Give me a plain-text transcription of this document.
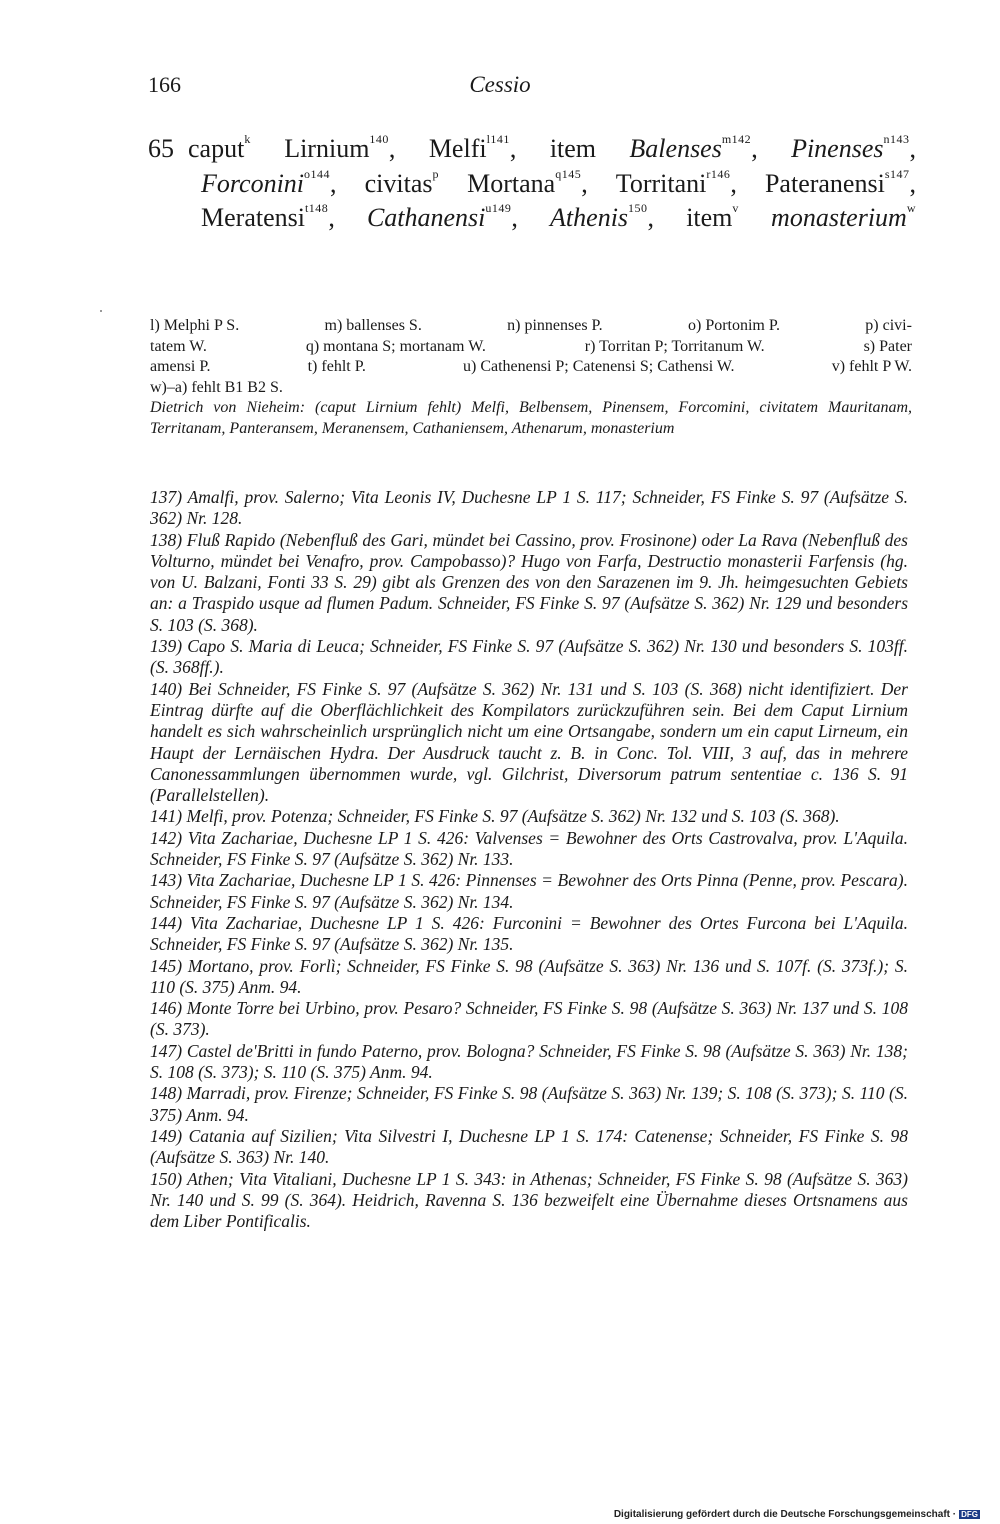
166	Cessio
65 caput$^k$ Lirnium$^{140}$, Melfi$^{l141}$, item Balenses$^{m142}$, Pinenses$^{n143}$,
Forconini$^{o144}$, civitas$^p$ Mortana$^{q145}$, Torritani$^{r146}$, Pateranensi$^{s147}$,
Meratensi$^{t148}$, Cathanensi$^{u149}$, Athenis$^{150}$, item$^v$ monasterium$^w$
l) Melphi P S.	m) ballenses S.	n) pinnenses P.	o) Portonim P.	p) civi-
tatem W.	q) montana S; mortanam W.	r) Torritan P; Torritanum W.	s) Pater
amensi P.	t) fehlt P.	u) Cathenensi P; Catenensi S; Cathensi W.	v) fehlt P W.
w)–a) fehlt B1 B2 S.
Dietrich von Nieheim: (caput Lirnium fehlt) Melfi, Belbensem, Pinensem, Forcomini, civitatem Mauritanam, Territanam, Panteransem, Meranensem, Cathaniensem, Athenarum, monasterium

137) Amalfi, prov. Salerno; Vita Leonis IV, Duchesne LP 1 S. 117; Schneider, FS Finke S. 97 (Aufsätze S. 362) Nr. 128.

138) Fluß Rapido (Nebenfluß des Gari, mündet bei Cassino, prov. Frosinone) oder La Rava (Nebenfluß des Volturno, mündet bei Venafro, prov. Campobasso)? Hugo von Farfa, Destructio monasterii Farfensis (hg. von U. Balzani, Fonti 33 S. 29) gibt als Grenzen des von den Sarazenen im 9. Jh. heimgesuchten Gebiets an: a Traspido usque ad flumen Padum. Schneider, FS Finke S. 97 (Aufsätze S. 362) Nr. 129 und besonders S. 103 (S. 368).

139) Capo S. Maria di Leuca; Schneider, FS Finke S. 97 (Aufsätze S. 362) Nr. 130 und besonders S. 103ff. (S. 368ff.).

140) Bei Schneider, FS Finke S. 97 (Aufsätze S. 362) Nr. 131 und S. 103 (S. 368) nicht identifiziert. Der Eintrag dürfte auf die Oberflächlichkeit des Kompilators zurückzuführen sein. Bei dem Caput Lirnium handelt es sich wahrscheinlich ursprünglich nicht um eine Ortsangabe, sondern um ein caput Lirneum, ein Haupt der Lernäischen Hydra. Der Ausdruck taucht z. B. in Conc. Tol. VIII, 3 auf, das in mehrere Canonessammlungen übernommen wurde, vgl. Gilchrist, Diversorum patrum sententiae c. 136 S. 91 (Parallelstellen).

141) Melfi, prov. Potenza; Schneider, FS Finke S. 97 (Aufsätze S. 362) Nr. 132 und S. 103 (S. 368).

142) Vita Zachariae, Duchesne LP 1 S. 426: Valvenses = Bewohner des Orts Castrovalva, prov. L'Aquila. Schneider, FS Finke S. 97 (Aufsätze S. 362) Nr. 133.

143) Vita Zachariae, Duchesne LP 1 S. 426: Pinnenses = Bewohner des Orts Pinna (Penne, prov. Pescara). Schneider, FS Finke S. 97 (Aufsätze S. 362) Nr. 134.

144) Vita Zachariae, Duchesne LP 1 S. 426: Furconini = Bewohner des Ortes Furcona bei L'Aquila. Schneider, FS Finke S. 97 (Aufsätze S. 362) Nr. 135.

145) Mortano, prov. Forlì; Schneider, FS Finke S. 98 (Aufsätze S. 363) Nr. 136 und S. 107f. (S. 373f.); S. 110 (S. 375) Anm. 94.

146) Monte Torre bei Urbino, prov. Pesaro? Schneider, FS Finke S. 98 (Aufsätze S. 363) Nr. 137 und S. 108 (S. 373).

147) Castel de'Britti in fundo Paterno, prov. Bologna? Schneider, FS Finke S. 98 (Aufsätze S. 363) Nr. 138; S. 108 (S. 373); S. 110 (S. 375) Anm. 94.

148) Marradi, prov. Firenze; Schneider, FS Finke S. 98 (Aufsätze S. 363) Nr. 139; S. 108 (S. 373); S. 110 (S. 375) Anm. 94.

149) Catania auf Sizilien; Vita Silvestri I, Duchesne LP 1 S. 174: Catenense; Schneider, FS Finke S. 98 (Aufsätze S. 363) Nr. 140.

150) Athen; Vita Vitaliani, Duchesne LP 1 S. 343: in Athenas; Schneider, FS Finke S. 98 (Aufsätze S. 363) Nr. 140 und S. 99 (S. 364). Heidrich, Ravenna S. 136 bezweifelt eine Übernahme dieses Ortsnamens aus dem Liber Pontificalis.

Digitalisierung gefördert durch die Deutsche Forschungsgemeinschaft · DFG
